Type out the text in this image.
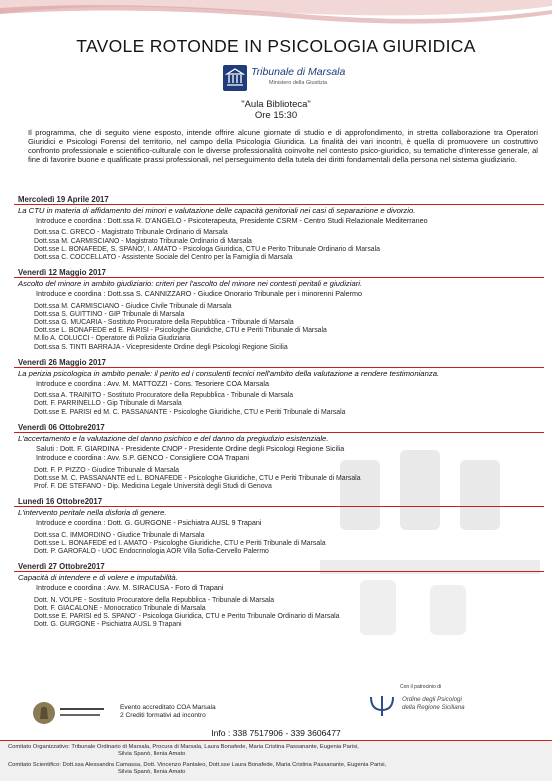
TAVOLE ROTONDE IN PSICOLOGIA GIURIDICA
Tribunale di Marsala
Ministero della Giustizia
"Aula Biblioteca"
Ore 15:30
Il programma, che di seguito viene esposto, intende offrire alcune giornate di studio e di approfondimento, in stretta collaborazione tra Operatori Giuridici e Psicologi Forensi del territorio, nel campo della Psicologia Giuridica. La finalità dei vari incontri, è quella di promuovere un costruttivo confronto professionale e scientifico-culturale con le diverse professionalità coinvolte nel contesto psico-giuridico, su tematiche d'interesse generale, al fine di favorire buone e qualificate prassi professionali, nel perseguimento della tutela dei diritti fondamentali della persona nel sistema giudiziario.
Mercoledì 19 Aprile 2017
La CTU in materia di affidamento dei minori e valutazione delle capacità genitoriali nei casi di separazione e divorzio.
Introduce e coordina : Dott.ssa R. D'ANGELO - Psicoterapeuta, Presidente CSRM - Centro Studi Relazionale Mediterraneo
Dott.ssa C. GRECO - Magistrato Tribunale Ordinario di Marsala
Dott.ssa M. CARMISCIANO - Magistrato Tribunale Ordinario di Marsala
Dott.sse L. BONAFEDE, S. SPANO', I. AMATO - Psicologa Giuridica, CTU e Perito Tribunale Ordinario di Marsala
Dott.ssa C. COCCELLATO - Assistente Sociale del Centro per la Famiglia di Marsala
Venerdì 12 Maggio 2017
Ascolto del minore in ambito giudiziario: criteri per l'ascolto del minore nei contesti peritali e giudiziari.
Introduce e coordina : Dott.ssa S. CANNIZZARO - Giudice Onorario Tribunale per i minorenni Palermo
Dott.ssa M. CARMISCIANO - Giudice Civile Tribunale di Marsala
Dott.ssa S. GUITTINO - GIP Tribunale di Marsala
Dott.ssa G. MUCARIA - Sostituto Procuratore della Repubblica - Tribunale di Marsala
Dott.sse L. BONAFEDE ed E. PARISI - Psicologhe Giuridiche, CTU e Periti Tribunale di Marsala
M.llo A. COLUCCI - Operatore di Polizia Giudiziaria
Dott.ssa S. TINTI BARRAJA - Vicepresidente Ordine degli Psicologi Regione Sicilia
Venerdì 26 Maggio 2017
La perizia psicologica in ambito penale: il perito ed i consulenti tecnici nell'ambito della valutazione a rendere testimonianza.
Introduce e coordina : Avv. M. MATTOZZI - Cons. Tesoriere COA Marsala
Dott.ssa A. TRAINITO - Sostituto Procuratore della Repubblica - Tribunale di Marsala
Dott. F. PARRINELLO - Gip Tribunale di Marsala
Dott.sse E. PARISI ed M. C. PASSANANTE - Psicologhe Giuridiche, CTU e Periti Tribunale di Marsala
Venerdì 06 Ottobre2017
L'accertamento e la valutazione del danno psichico e del danno da pregiudizio esistenziale.
Saluti : Dott. F. GIARDINA - Presidente CNOP - Presidente Ordine degli Psicologi Regione Sicilia
Introduce e coordina : Avv. S.P. GENCO - Consigliere COA Trapani
Dott. F. P. PIZZO - Giudice Tribunale di Marsala
Dott.sse M. C. PASSANANTE ed L. BONAFEDE - Psicologhe Giuridiche, CTU e Periti Tribunale di Marsala
Prof. F. DE STEFANO - Dip. Medicina Legale Università degli Studi di Genova
Lunedì 16 Ottobre2017
L'intervento peritale nella disforia di genere.
Introduce e coordina : Dott. G. GURGONE - Psichiatra AUSL 9 Trapani
Dott.ssa C. IMMORDINO - Giudice Tribunale di Marsala
Dott.sse L. BONAFEDE ed I. AMATO - Psicologhe Giuridiche, CTU e Periti Tribunale di Marsala
Dott. P. GAROFALO - UOC Endocrinologia AOR Villa Sofia-Cervello Palermo
Venerdì 27 Ottobre2017
Capacità di intendere e di volere e imputabilità.
Introduce e coordina : Avv. M. SIRACUSA - Foro di Trapani
Dott. N. VOLPE - Sostituto Procuratore della Repubblica - Tribunale di Marsala
Dott. F. GIACALONE - Monocratico Tribunale di Marsala
Dott.sse E. PARISI ed S. SPANO' - Psicologa Giuridica, CTU e Perito Tribunale Ordinario di Marsala
Dott. G. GURGONE - Psichiatra AUSL 9 Trapani
Evento accreditato COA Marsala
2 Crediti formativi ad incontro
Con il patrocinio di
Ordine degli Psicologi
della Regione Siciliana
Info : 338 7517906 - 339 3606477
Comitato Organizzativo: Tribunale Ordinario di Marsala, Procura di Marsala, Laura Bonafede, Maria Cristina Passanante, Eugenia Parisi,
Silvia Spanò, Ilenia Amato
Comitato Scientifico: Dott.ssa Alessandra Camassa, Dott. Vincenzo Pantaleo, Dott.sse Laura Bonafede, Maria Cristina Passanante, Eugenia Parisi,
Silvia Spanò, Ilenia Amato
